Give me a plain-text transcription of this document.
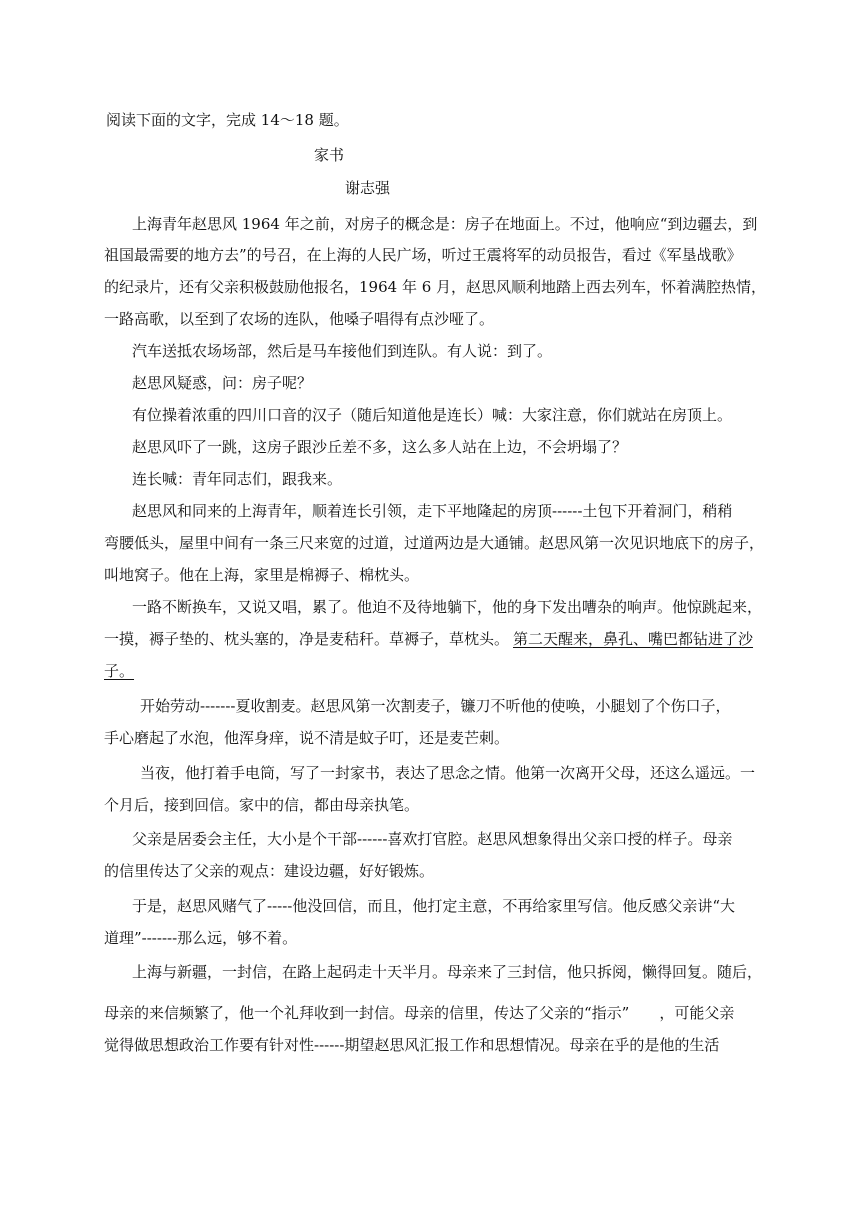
阅读下面的文字，完成 14～18 题。
家书
谢志强
上海青年赵思风 1964 年之前，对房子的概念是：房子在地面上。不过，他响应“到边疆去，到
祖国最需要的地方去”的号召，在上海的人民广场，听过王震将军的动员报告，看过《军垦战歌》
的纪录片，还有父亲积极鼓励他报名，1964 年 6 月，赵思风顺利地踏上西去列车，怀着满腔热情，
一路高歌，以至到了农场的连队，他嗓子唱得有点沙哑了。
汽车送抵农场场部，然后是马车接他们到连队。有人说：到了。
赵思风疑惑，问：房子呢？
有位操着浓重的四川口音的汉子（随后知道他是连长）喊：大家注意，你们就站在房顶上。
赵思风吓了一跳，这房子跟沙丘差不多，这么多人站在上边，不会坍塌了？
连长喊：青年同志们，跟我来。
赵思风和同来的上海青年，顺着连长引领，走下平地隆起的房顶------土包下开着洞门，稍稍
弯腰低头，屋里中间有一条三尺来宽的过道，过道两边是大通铺。赵思风第一次见识地底下的房子，
叫地窝子。他在上海，家里是棉褥子、棉枕头。
一路不断换车，又说又唱，累了。他迫不及待地躺下，他的身下发出嘈杂的响声。他惊跳起来，
一摸，褥子垫的、枕头塞的，净是麦秸秆。草褥子，草枕头。 第二天醒来，鼻孔、嘴巴都钻进了沙
子。
开始劳动-------夏收割麦。赵思风第一次割麦子，镰刀不听他的使唤，小腿划了个伤口子，
手心磨起了水泡，他浑身痒，说不清是蚊子叮，还是麦芒刺。
当夜，他打着手电筒，写了一封家书，表达了思念之情。他第一次离开父母，还这么遥远。一
个月后，接到回信。家中的信，都由母亲执笔。
父亲是居委会主任，大小是个干部------喜欢打官腔。赵思风想象得出父亲口授的样子。母亲
的信里传达了父亲的观点：建设边疆，好好锻炼。
于是，赵思风赌气了-----他没回信，而且，他打定主意，不再给家里写信。他反感父亲讲“大
道理”-------那么远，够不着。
上海与新疆，一封信，在路上起码走十天半月。母亲来了三封信，他只拆阅，懒得回复。随后，
母亲的来信频繁了，他一个礼拜收到一封信。母亲的信里，传达了父亲的“指示”　　，可能父亲
觉得做思想政治工作要有针对性------期望赵思风汇报工作和思想情况。母亲在乎的是他的生活
